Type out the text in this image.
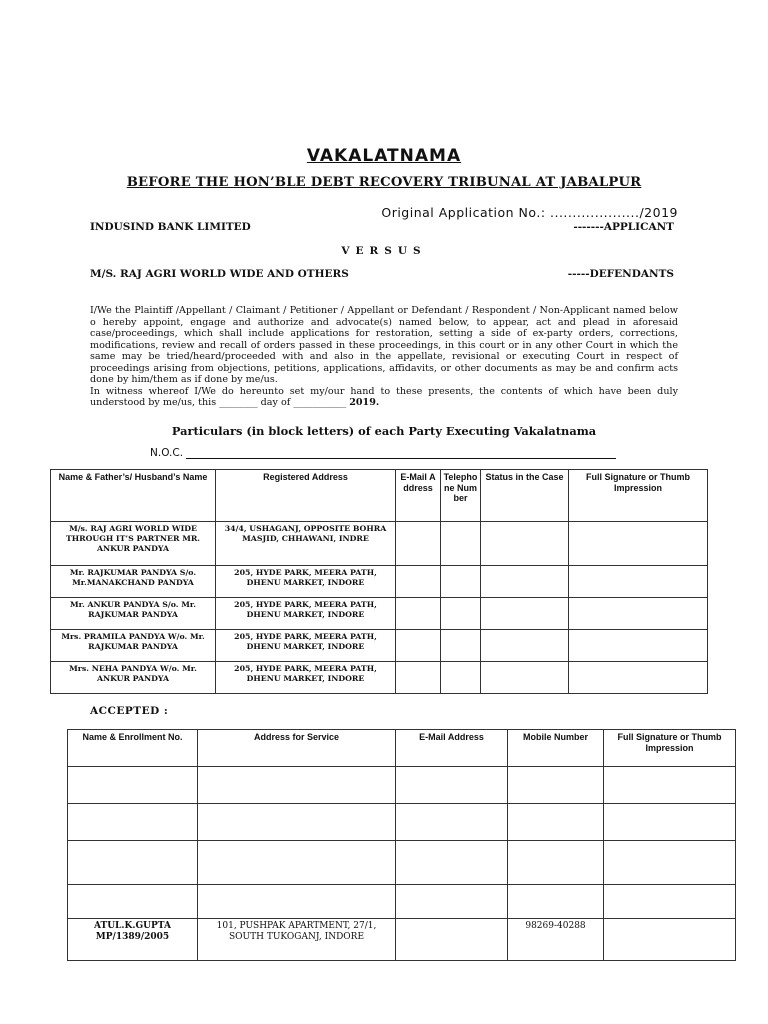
VAKALATNAMA
BEFORE THE HON’BLE DEBT RECOVERY TRIBUNAL AT JABALPUR
Original Application No.: ..................../2019
INDUSIND BANK LIMITED	-------APPLICANT
VERSUS
M/S. RAJ AGRI WORLD WIDE AND OTHERS	-----DEFENDANTS

I/We the Plaintiff /Appellant / Claimant / Petitioner / Appellant or Defendant / Respondent / Non-Applicant named below o hereby appoint, engage and authorize and advocate(s) named below, to appear, act and plead in aforesaid case/proceedings, which shall include applications for restoration, setting a side of ex-party orders, corrections, modifications, review and recall of orders passed in these proceedings, in this court or in any other Court in which the same may be tried/heard/proceeded with and also in the appellate, revisional or executing Court in respect of proceedings arising from objections, petitions, applications, affidavits, or other documents as may be and confirm acts done by him/them as if done by me/us.

In witness whereof I/We do hereunto set my/our hand to these presents, the contents of which have been duly understood by me/us, this ________ day of ___________ 2019.

Particulars (in block letters) of each Party Executing Vakalatnama
N.O.C.
Name & Father’s/ Husband’s Name	Registered Address	E-Mail Address	Telephone Number	Status in the Case	Full Signature or Thumb Impression
M/s. RAJ AGRI WORLD WIDE THROUGH IT’S PARTNER MR. ANKUR PANDYA	34/4, USHAGANJ, OPPOSITE BOHRA MASJID, CHHAWANI, INDRE				
Mr. RAJKUMAR PANDYA S/o. Mr.MANAKCHAND PANDYA	205, HYDE PARK, MEERA PATH, DHENU MARKET, INDORE				
Mr. ANKUR PANDYA S/o. Mr. RAJKUMAR PANDYA	205, HYDE PARK, MEERA PATH, DHENU MARKET, INDORE				
Mrs. PRAMILA PANDYA W/o. Mr. RAJKUMAR PANDYA	205, HYDE PARK, MEERA PATH, DHENU MARKET, INDORE				
Mrs. NEHA PANDYA W/o. Mr. ANKUR PANDYA	205, HYDE PARK, MEERA PATH, DHENU MARKET, INDORE				
ACCEPTED :
Name & Enrollment No.	Address for Service	E-Mail Address	Mobile Number	Full Signature or Thumb Impression

ATUL.K.GUPTA
MP/1389/2005	101, PUSHPAK APARTMENT, 27/1, SOUTH TUKOGANJ, INDORE		98269-40288	
